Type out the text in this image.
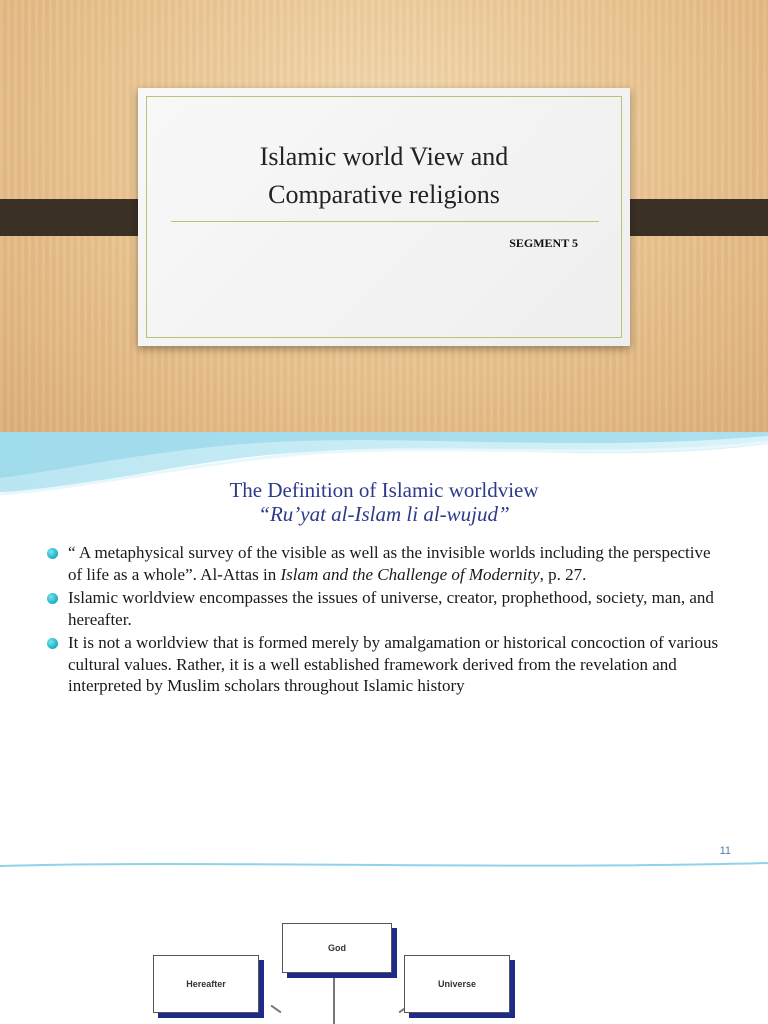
Islamic world View and
Comparative religions
SEGMENT 5
The Definition of Islamic worldview
“Ru’yat al-Islam li al-wujud”
“ A metaphysical survey of the visible as well as the invisible worlds including the perspective of life as a whole”. Al-Attas in Islam and the Challenge of Modernity, p. 27.
Islamic worldview encompasses the issues of universe, creator, prophethood, society, man, and hereafter.
It is not a worldview that is formed merely by amalgamation or historical concoction of various cultural values. Rather, it is a well established framework derived from the revelation and interpreted by Muslim scholars throughout Islamic history
11
God
Hereafter	Universe
